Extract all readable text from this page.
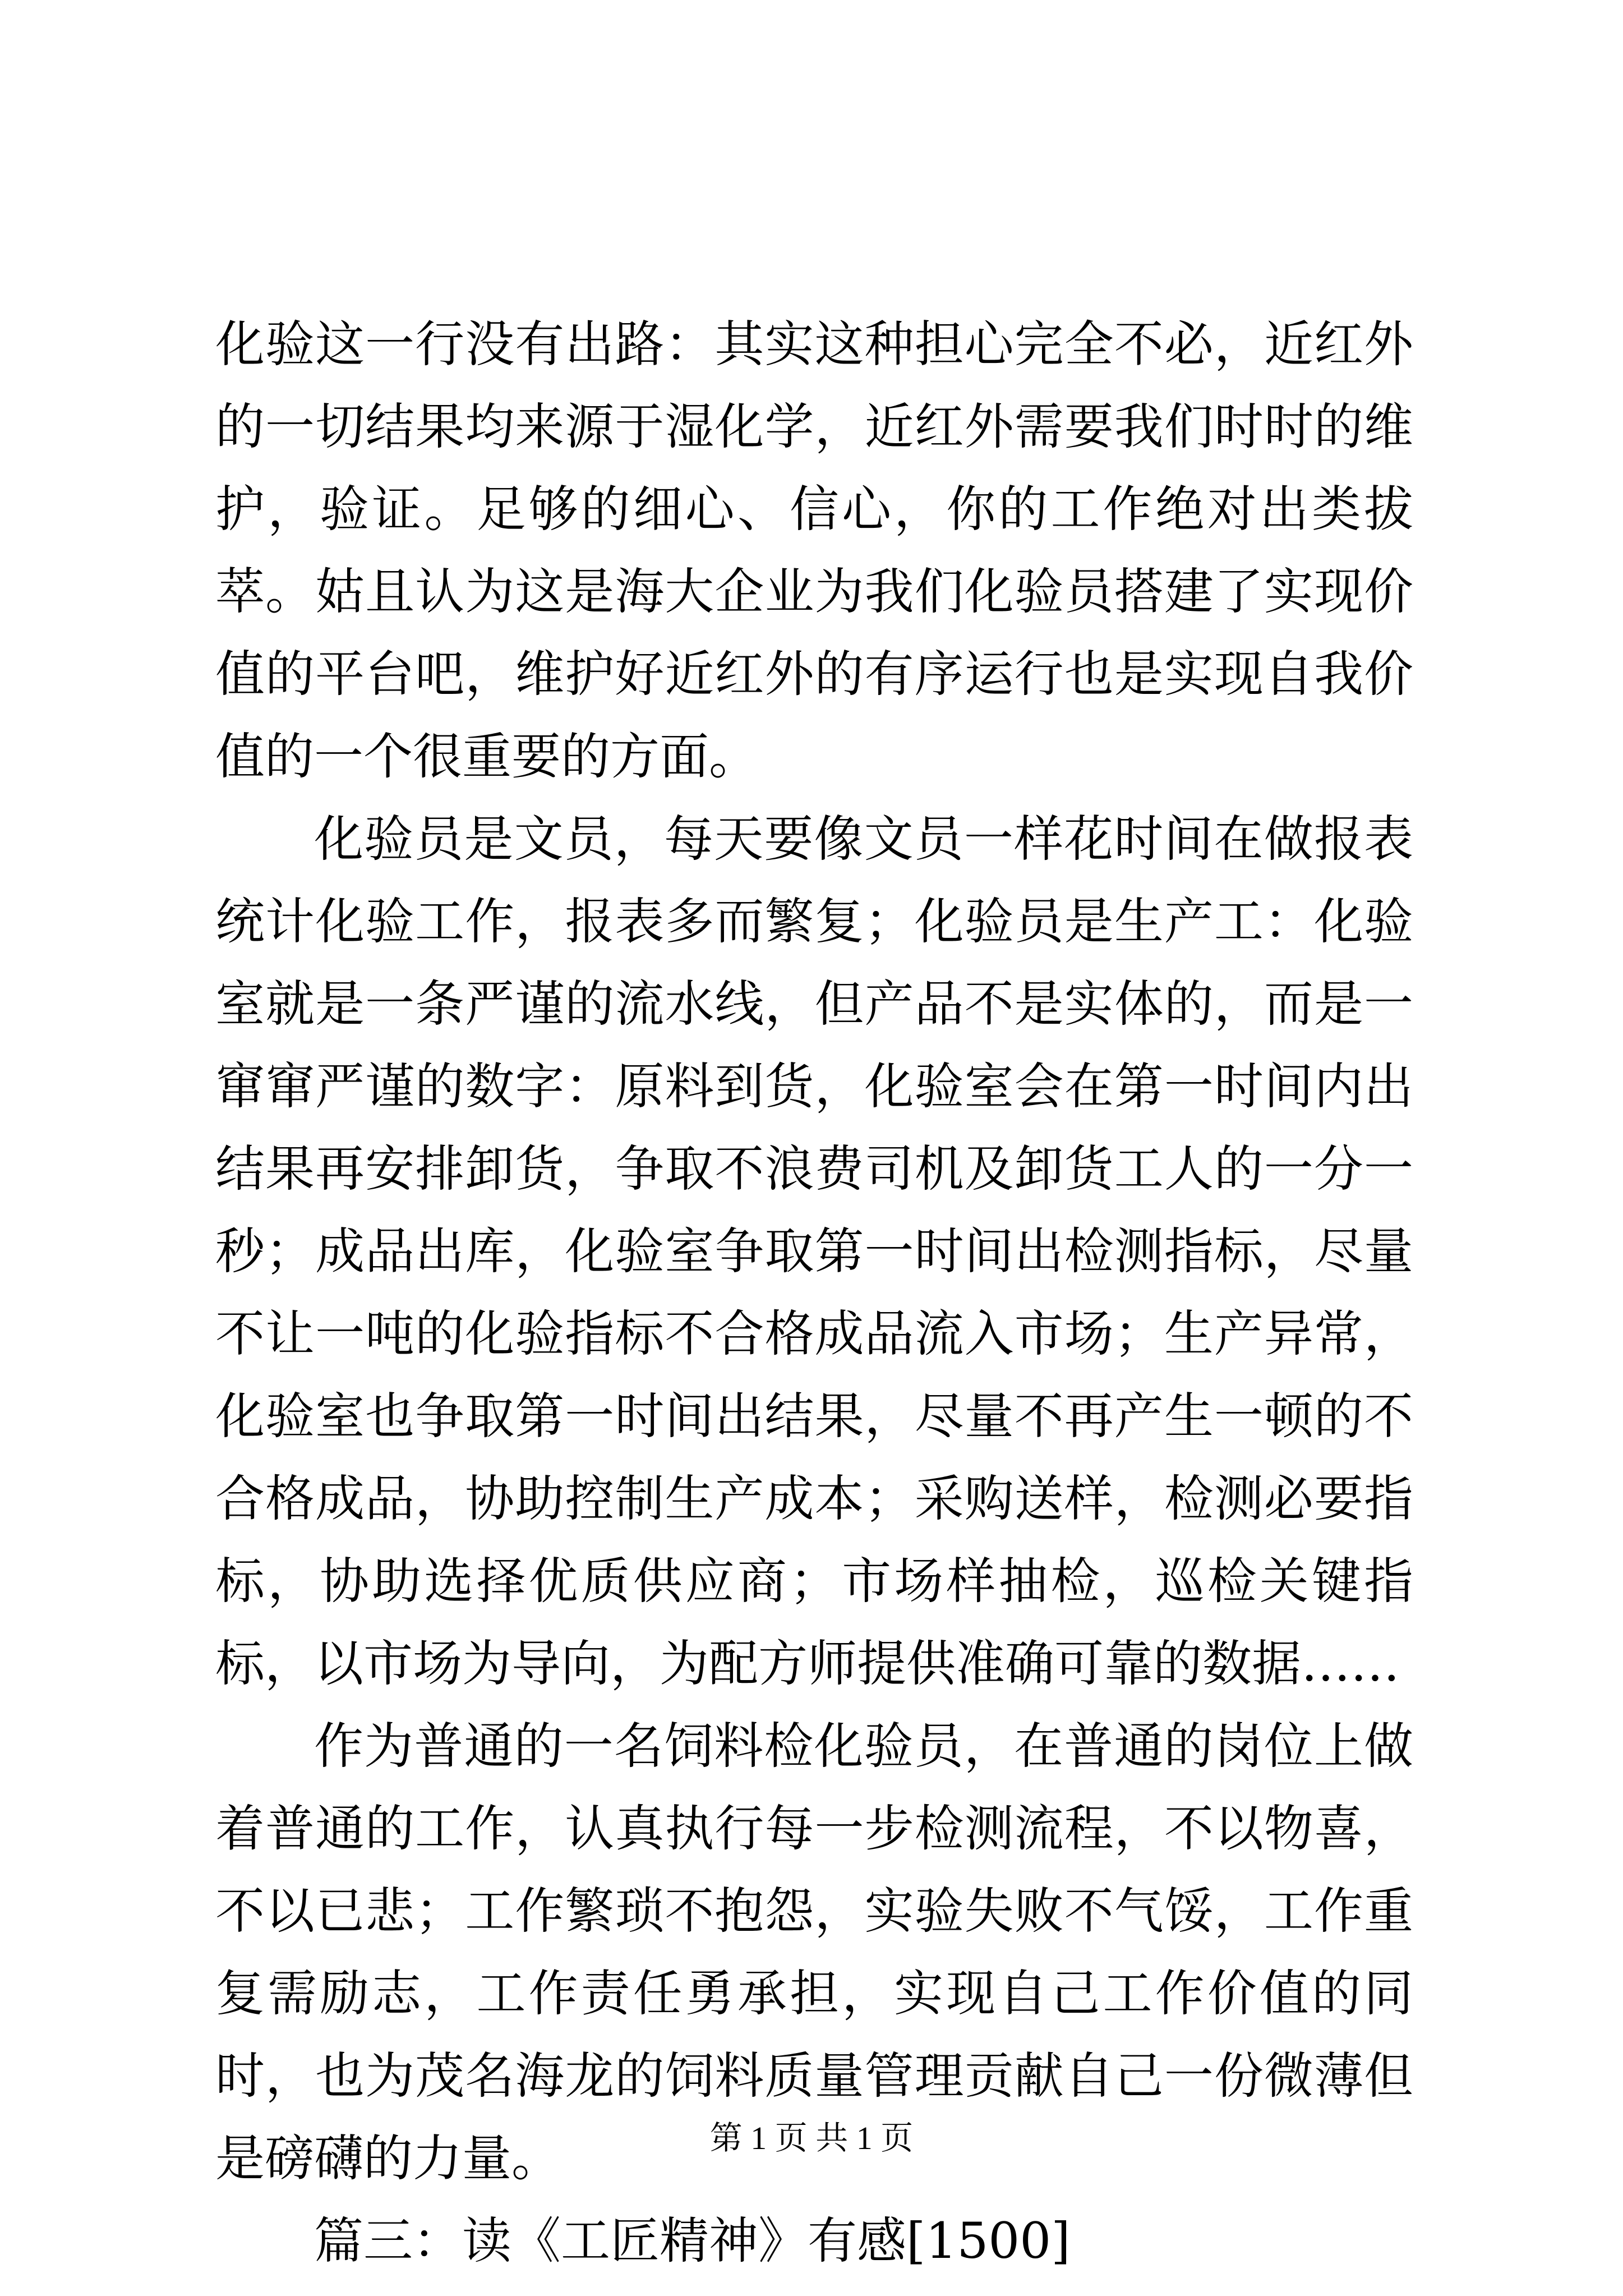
化验这一行没有出路：其实这种担心完全不必，近红外的一切结果均来源于湿化学，近红外需要我们时时的维护，验证。足够的细心、信心，你的工作绝对出类拔萃。姑且认为这是海大企业为我们化验员搭建了实现价值的平台吧，维护好近红外的有序运行也是实现自我价值的一个很重要的方面。

化验员是文员，每天要像文员一样花时间在做报表统计化验工作，报表多而繁复；化验员是生产工：化验室就是一条严谨的流水线，但产品不是实体的，而是一窜窜严谨的数字：原料到货，化验室会在第一时间内出结果再安排卸货，争取不浪费司机及卸货工人的一分一秒；成品出库，化验室争取第一时间出检测指标，尽量不让一吨的化验指标不合格成品流入市场；生产异常，化验室也争取第一时间出结果，尽量不再产生一顿的不合格成品，协助控制生产成本；采购送样，检测必要指标，协助选择优质供应商；市场样抽检，巡检关键指标，以市场为导向，为配方师提供准确可靠的数据……

作为普通的一名饲料检化验员，在普通的岗位上做着普通的工作，认真执行每一步检测流程，不以物喜，不以已悲；工作繁琐不抱怨，实验失败不气馁，工作重复需励志，工作责任勇承担，实现自己工作价值的同时，也为茂名海龙的饲料质量管理贡献自己一份微薄但是磅礴的力量。

篇三：读《工匠精神》有感[1500]

第 1 页 共 1 页
